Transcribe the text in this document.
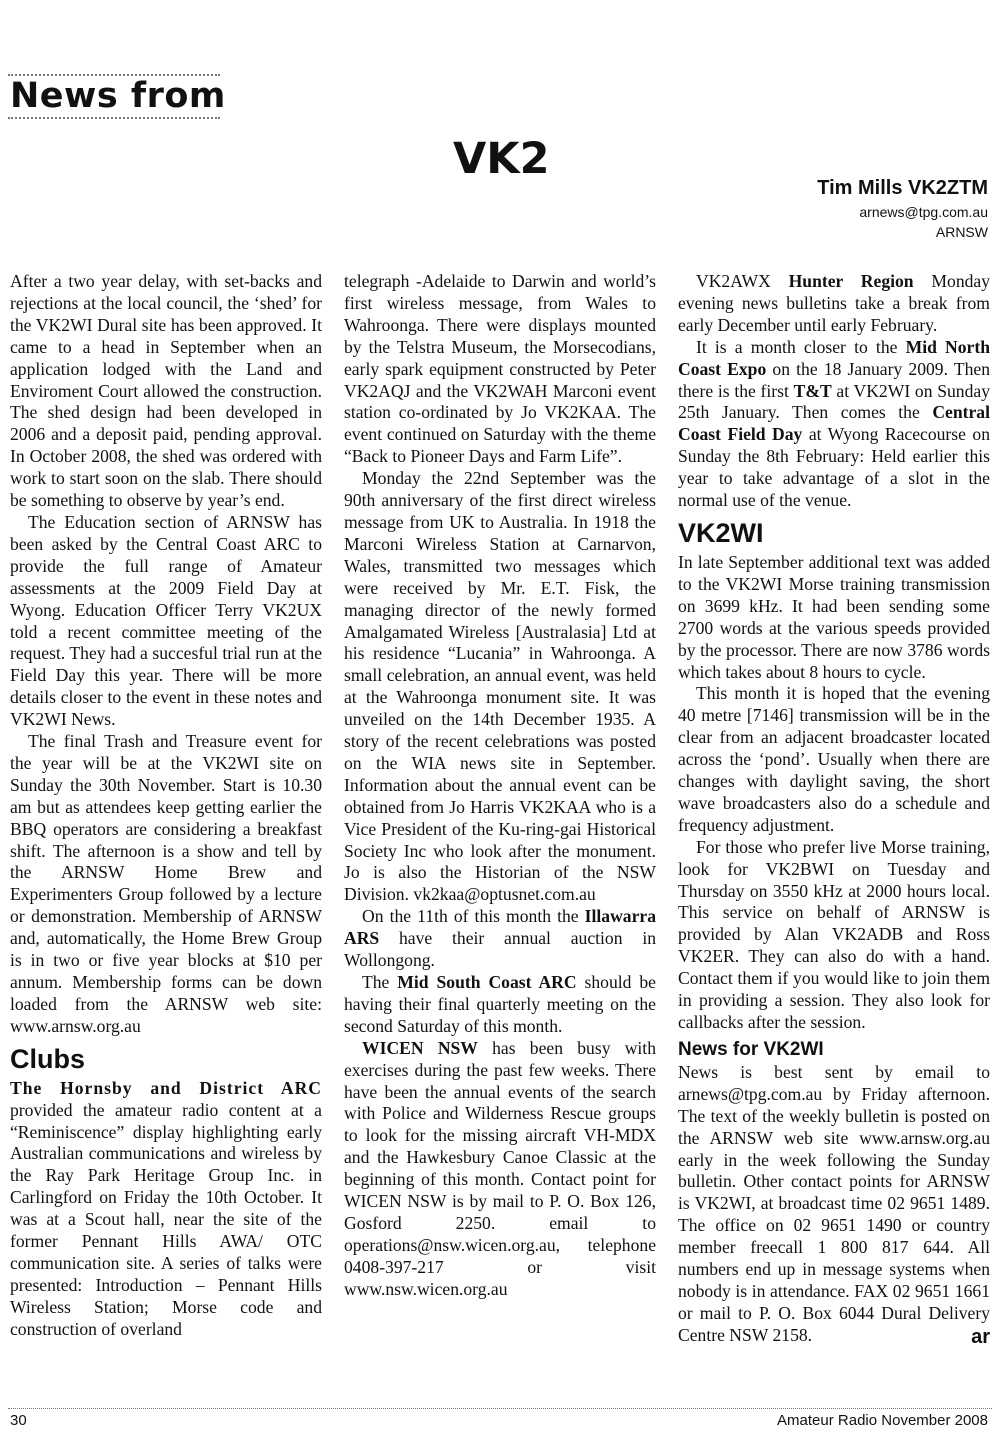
News from
VK2
Tim Mills VK2ZTM
arnews@tpg.com.au
ARNSW

After a two year delay, with set-backs and rejections at the local council, the ‘shed’ for the VK2WI Dural site has been approved. It came to a head in September when an application lodged with the Land and Enviroment Court allowed the construction. The shed design had been developed in 2006 and a deposit paid, pending approval. In October 2008, the shed was ordered with work to start soon on the slab. There should be something to observe by year’s end.

The Education section of ARNSW has been asked by the Central Coast ARC to provide the full range of Amateur assessments at the 2009 Field Day at Wyong. Education Officer Terry VK2UX told a recent committee meeting of the request. They had a succesful trial run at the Field Day this year. There will be more details closer to the event in these notes and VK2WI News.

The final Trash and Treasure event for the year will be at the VK2WI site on Sunday the 30th November. Start is 10.30 am but as attendees keep getting earlier the BBQ operators are considering a breakfast shift. The afternoon is a show and tell by the ARNSW Home Brew and Experimenters Group followed by a lecture or demonstration. Membership of ARNSW and, automatically, the Home Brew Group is in two or five year blocks at $10 per annum. Membership forms can be down loaded from the ARNSW web site: www.arnsw.org.au

Clubs

The Hornsby and District ARC provided the amateur radio content at a “Reminiscence” display highlighting early Australian communications and wireless by the Ray Park Heritage Group Inc. in Carlingford on Friday the 10th October. It was at a Scout hall, near the site of the former Pennant Hills AWA/ OTC communication site. A series of talks were presented: Introduction – Pennant Hills Wireless Station; Morse code and construction of overland

telegraph -Adelaide to Darwin and world’s first wireless message, from Wales to Wahroonga. There were displays mounted by the Telstra Museum, the Morsecodians, early spark equipment constructed by Peter VK2AQJ and the VK2WAH Marconi event station co-ordinated by Jo VK2KAA. The event continued on Saturday with the theme “Back to Pioneer Days and Farm Life”.

Monday the 22nd September was the 90th anniversary of the first direct wireless message from UK to Australia. In 1918 the Marconi Wireless Station at Carnarvon, Wales, transmitted two messages which were received by Mr. E.T. Fisk, the managing director of the newly formed Amalgamated Wireless [Australasia] Ltd at his residence “Lucania” in Wahroonga. A small celebration, an annual event, was held at the Wahroonga monument site. It was unveiled on the 14th December 1935. A story of the recent celebrations was posted on the WIA news site in September. Information about the annual event can be obtained from Jo Harris VK2KAA who is a Vice President of the Ku-ring-gai Historical Society Inc who look after the monument. Jo is also the Historian of the NSW Division. vk2kaa@optusnet.com.au

On the 11th of this month the Illawarra ARS have their annual auction in Wollongong.

The Mid South Coast ARC should be having their final quarterly meeting on the second Saturday of this month.

WICEN NSW has been busy with exercises during the past few weeks. There have been the annual events of the search with Police and Wilderness Rescue groups to look for the missing aircraft VH-MDX and the Hawkesbury Canoe Classic at the beginning of this month. Contact point for WICEN NSW is by mail to P. O. Box 126, Gosford 2250. email to operations@nsw.wicen.org.au, telephone 0408-397-217 or visit www.nsw.wicen.org.au

VK2AWX Hunter Region Monday evening news bulletins take a break from early December until early February.

It is a month closer to the Mid North Coast Expo on the 18 January 2009. Then there is the first T&T at VK2WI on Sunday 25th January. Then comes the Central Coast Field Day at Wyong Racecourse on Sunday the 8th February: Held earlier this year to take advantage of a slot in the normal use of the venue.

VK2WI

In late September additional text was added to the VK2WI Morse training transmission on 3699 kHz. It had been sending some 2700 words at the various speeds provided by the processor. There are now 3786 words which takes about 8 hours to cycle.

This month it is hoped that the evening 40 metre [7146] transmission will be in the clear from an adjacent broadcaster located across the ‘pond’. Usually when there are changes with daylight saving, the short wave broadcasters also do a schedule and frequency adjustment.

For those who prefer live Morse training, look for VK2BWI on Tuesday and Thursday on 3550 kHz at 2000 hours local. This service on behalf of ARNSW is provided by Alan VK2ADB and Ross VK2ER. They can also do with a hand. Contact them if you would like to join them in providing a session. They also look for callbacks after the session.

News for VK2WI

News is best sent by email to arnews@tpg.com.au by Friday afternoon. The text of the weekly bulletin is posted on the ARNSW web site www.arnsw.org.au early in the week following the Sunday bulletin. Other contact points for ARNSW is VK2WI, at broadcast time 02 9651 1489. The office on 02 9651 1490 or country member freecall 1 800 817 644. All numbers end up in message systems when nobody is in attendance. FAX 02 9651 1661 or mail to P. O. Box 6044 Dural Delivery Centre NSW 2158.	ar

30	Amateur Radio November 2008
